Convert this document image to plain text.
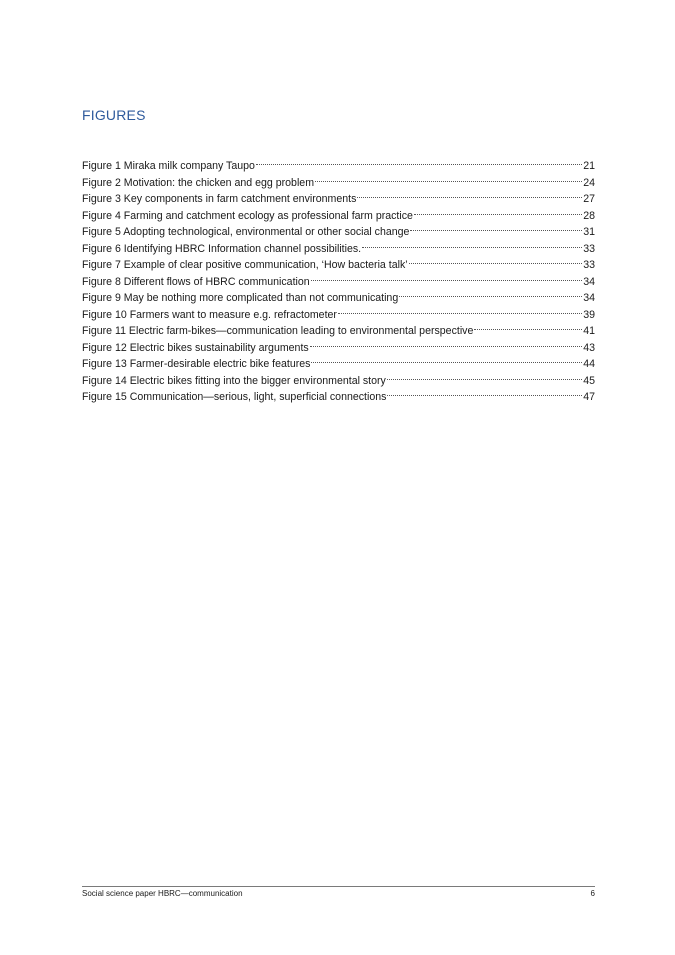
FIGURES
Figure 1 Miraka milk company Taupo	21
Figure 2 Motivation: the chicken and egg problem	24
Figure 3 Key components in farm catchment environments	27
Figure 4 Farming and catchment ecology as professional farm practice	28
Figure 5 Adopting technological, environmental or other social change	31
Figure 6 Identifying HBRC Information channel possibilities.	33
Figure 7 Example of clear positive communication, ‘How bacteria talk’	33
Figure 8 Different flows of HBRC communication	34
Figure 9 May be nothing more complicated than not communicating	34
Figure 10 Farmers want to measure e.g. refractometer	39
Figure 11 Electric farm-bikes—communication leading to environmental perspective	41
Figure 12 Electric bikes sustainability arguments	43
Figure 13 Farmer-desirable electric bike features	44
Figure 14 Electric bikes fitting into the bigger environmental story	45
Figure 15 Communication—serious, light, superficial connections	47
Social science paper HBRC—communication	6
